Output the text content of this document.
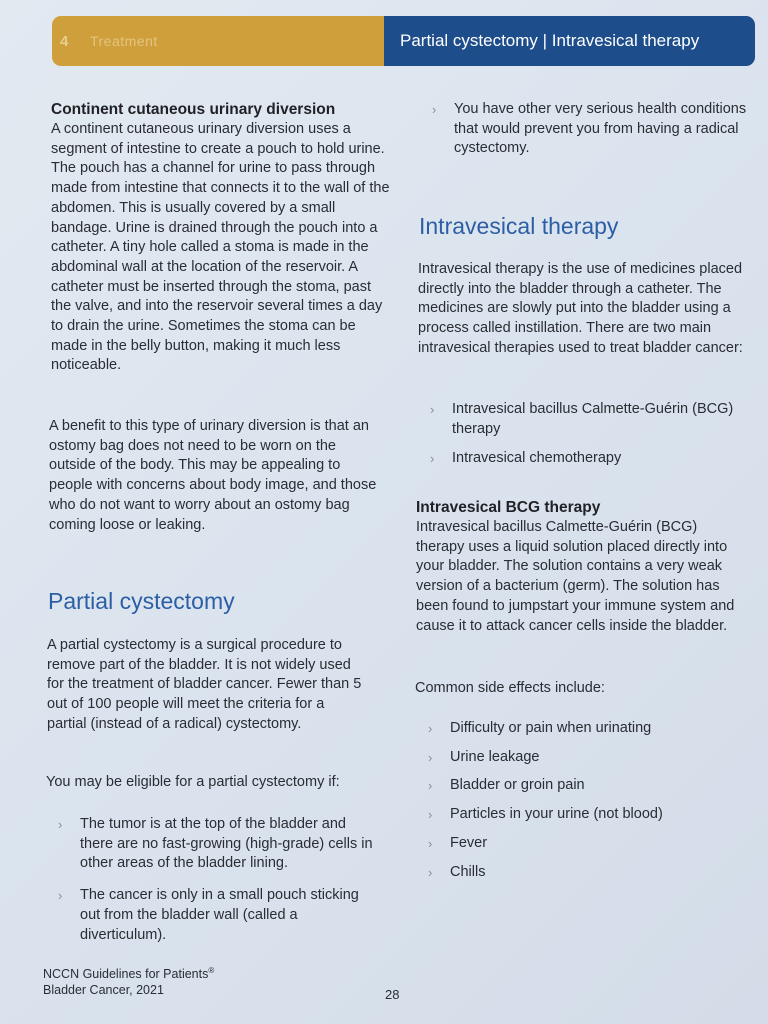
4	Treatment	Partial cystectomy | Intravesical therapy
Continent cutaneous urinary diversion

A continent cutaneous urinary diversion uses a segment of intestine to create a pouch to hold urine. The pouch has a channel for urine to pass through made from intestine that connects it to the wall of the abdomen. This is usually covered by a small bandage. Urine is drained through the pouch into a catheter. A tiny hole called a stoma is made in the abdominal wall at the location of the reservoir. A catheter must be inserted through the stoma, past the valve, and into the reservoir several times a day to drain the urine. Sometimes the stoma can be made in the belly button, making it much less noticeable.

A benefit to this type of urinary diversion is that an ostomy bag does not need to be worn on the outside of the body. This may be appealing to people with concerns about body image, and those who do not want to worry about an ostomy bag coming loose or leaking.

Partial cystectomy

A partial cystectomy is a surgical procedure to remove part of the bladder. It is not widely used for the treatment of bladder cancer. Fewer than 5 out of 100 people will meet the criteria for a partial (instead of a radical) cystectomy.

You may be eligible for a partial cystectomy if:

› The tumor is at the top of the bladder and there are no fast-growing (high-grade) cells in other areas of the bladder lining.
› The cancer is only in a small pouch sticking out from the bladder wall (called a diverticulum).
› You have other very serious health conditions that would prevent you from having a radical cystectomy.
Intravesical therapy

Intravesical therapy is the use of medicines placed directly into the bladder through a catheter. The medicines are slowly put into the bladder using a process called instillation. There are two main intravesical therapies used to treat bladder cancer:

› Intravesical bacillus Calmette-Guérin (BCG) therapy
› Intravesical chemotherapy
Intravesical BCG therapy

Intravesical bacillus Calmette-Guérin (BCG) therapy uses a liquid solution placed directly into your bladder. The solution contains a very weak version of a bacterium (germ). The solution has been found to jumpstart your immune system and cause it to attack cancer cells inside the bladder.

Common side effects include:

› Difficulty or pain when urinating
› Urine leakage
› Bladder or groin pain
› Particles in your urine (not blood)
› Fever
› Chills
NCCN Guidelines for Patients®
Bladder Cancer, 2021	28
